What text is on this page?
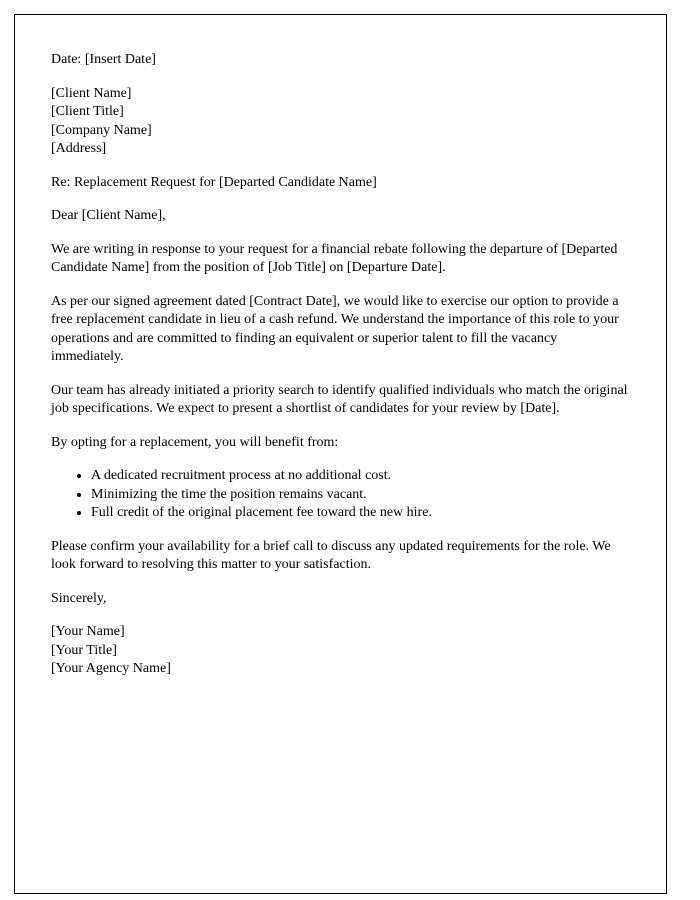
Date: [Insert Date]

[Client Name]
[Client Title]
[Company Name]
[Address]

Re: Replacement Request for [Departed Candidate Name]

Dear [Client Name],

We are writing in response to your request for a financial rebate following the departure of [Departed Candidate Name] from the position of [Job Title] on [Departure Date].

As per our signed agreement dated [Contract Date], we would like to exercise our option to provide a free replacement candidate in lieu of a cash refund. We understand the importance of this role to your operations and are committed to finding an equivalent or superior talent to fill the vacancy immediately.

Our team has already initiated a priority search to identify qualified individuals who match the original job specifications. We expect to present a shortlist of candidates for your review by [Date].

By opting for a replacement, you will benefit from:

• A dedicated recruitment process at no additional cost.
• Minimizing the time the position remains vacant.
• Full credit of the original placement fee toward the new hire.

Please confirm your availability for a brief call to discuss any updated requirements for the role. We look forward to resolving this matter to your satisfaction.

Sincerely,

[Your Name]
[Your Title]
[Your Agency Name]
